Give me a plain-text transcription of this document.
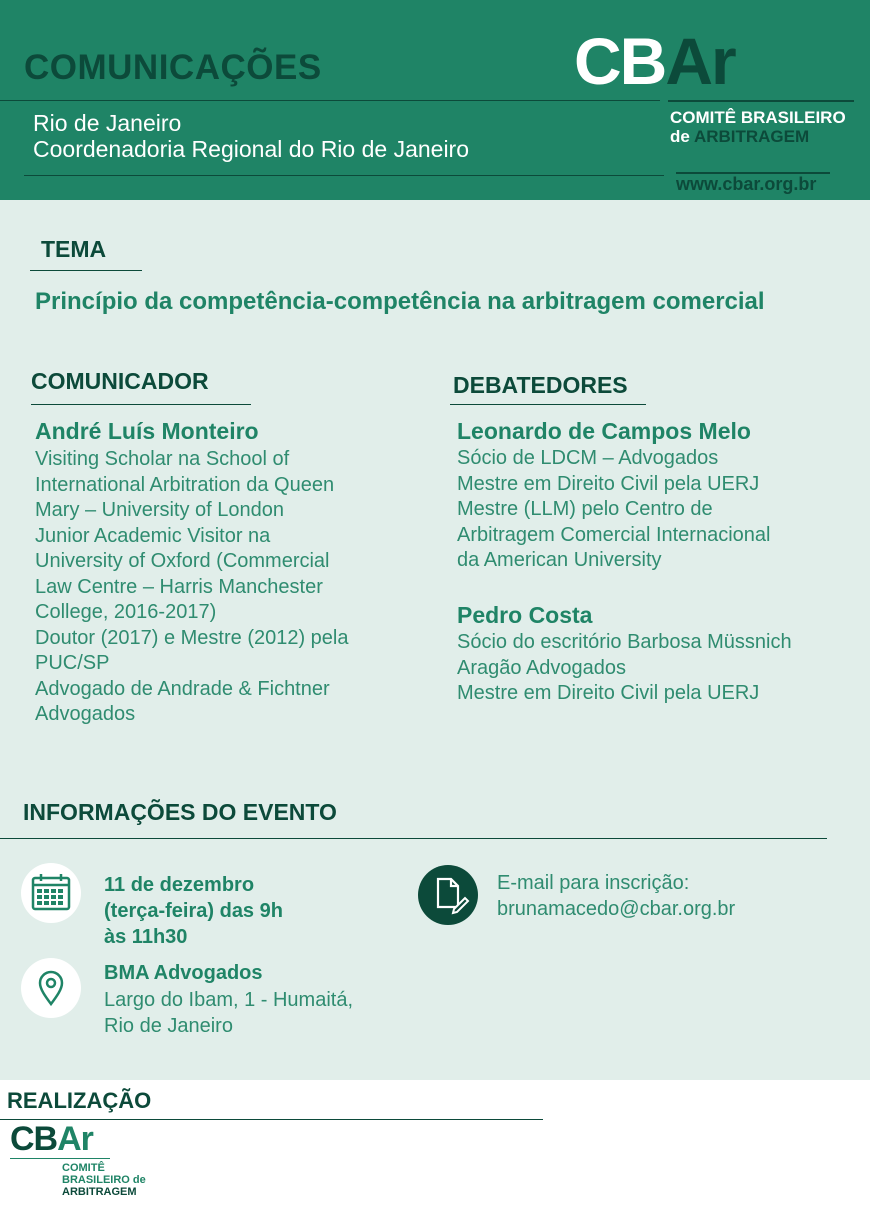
COMUNICAÇÕES
Rio de Janeiro
Coordenadoria Regional do Rio de Janeiro
CBAr
COMITÊ BRASILEIRO
de ARBITRAGEM
www.cbar.org.br
TEMA
Princípio da competência-competência na arbitragem comercial
COMUNICADOR
André Luís Monteiro
Visiting Scholar na School of
International Arbitration da Queen
Mary – University of London
Junior Academic Visitor na
University of Oxford (Commercial
Law Centre – Harris Manchester
College, 2016-2017)
Doutor (2017) e Mestre (2012) pela
PUC/SP
Advogado de Andrade & Fichtner
Advogados
DEBATEDORES
Leonardo de Campos Melo
Sócio de LDCM – Advogados
Mestre em Direito Civil pela UERJ
Mestre (LLM) pelo Centro de
Arbitragem Comercial Internacional
da American University
Pedro Costa
Sócio do escritório Barbosa Müssnich
Aragão Advogados
Mestre em Direito Civil pela UERJ
INFORMAÇÕES DO EVENTO
11 de dezembro
(terça-feira) das 9h
às 11h30
BMA Advogados
Largo do Ibam, 1 - Humaitá,
Rio de Janeiro
E-mail para inscrição:
brunamacedo@cbar.org.br
REALIZAÇÃO
CBAr
COMITÊ
BRASILEIRO de
ARBITRAGEM
